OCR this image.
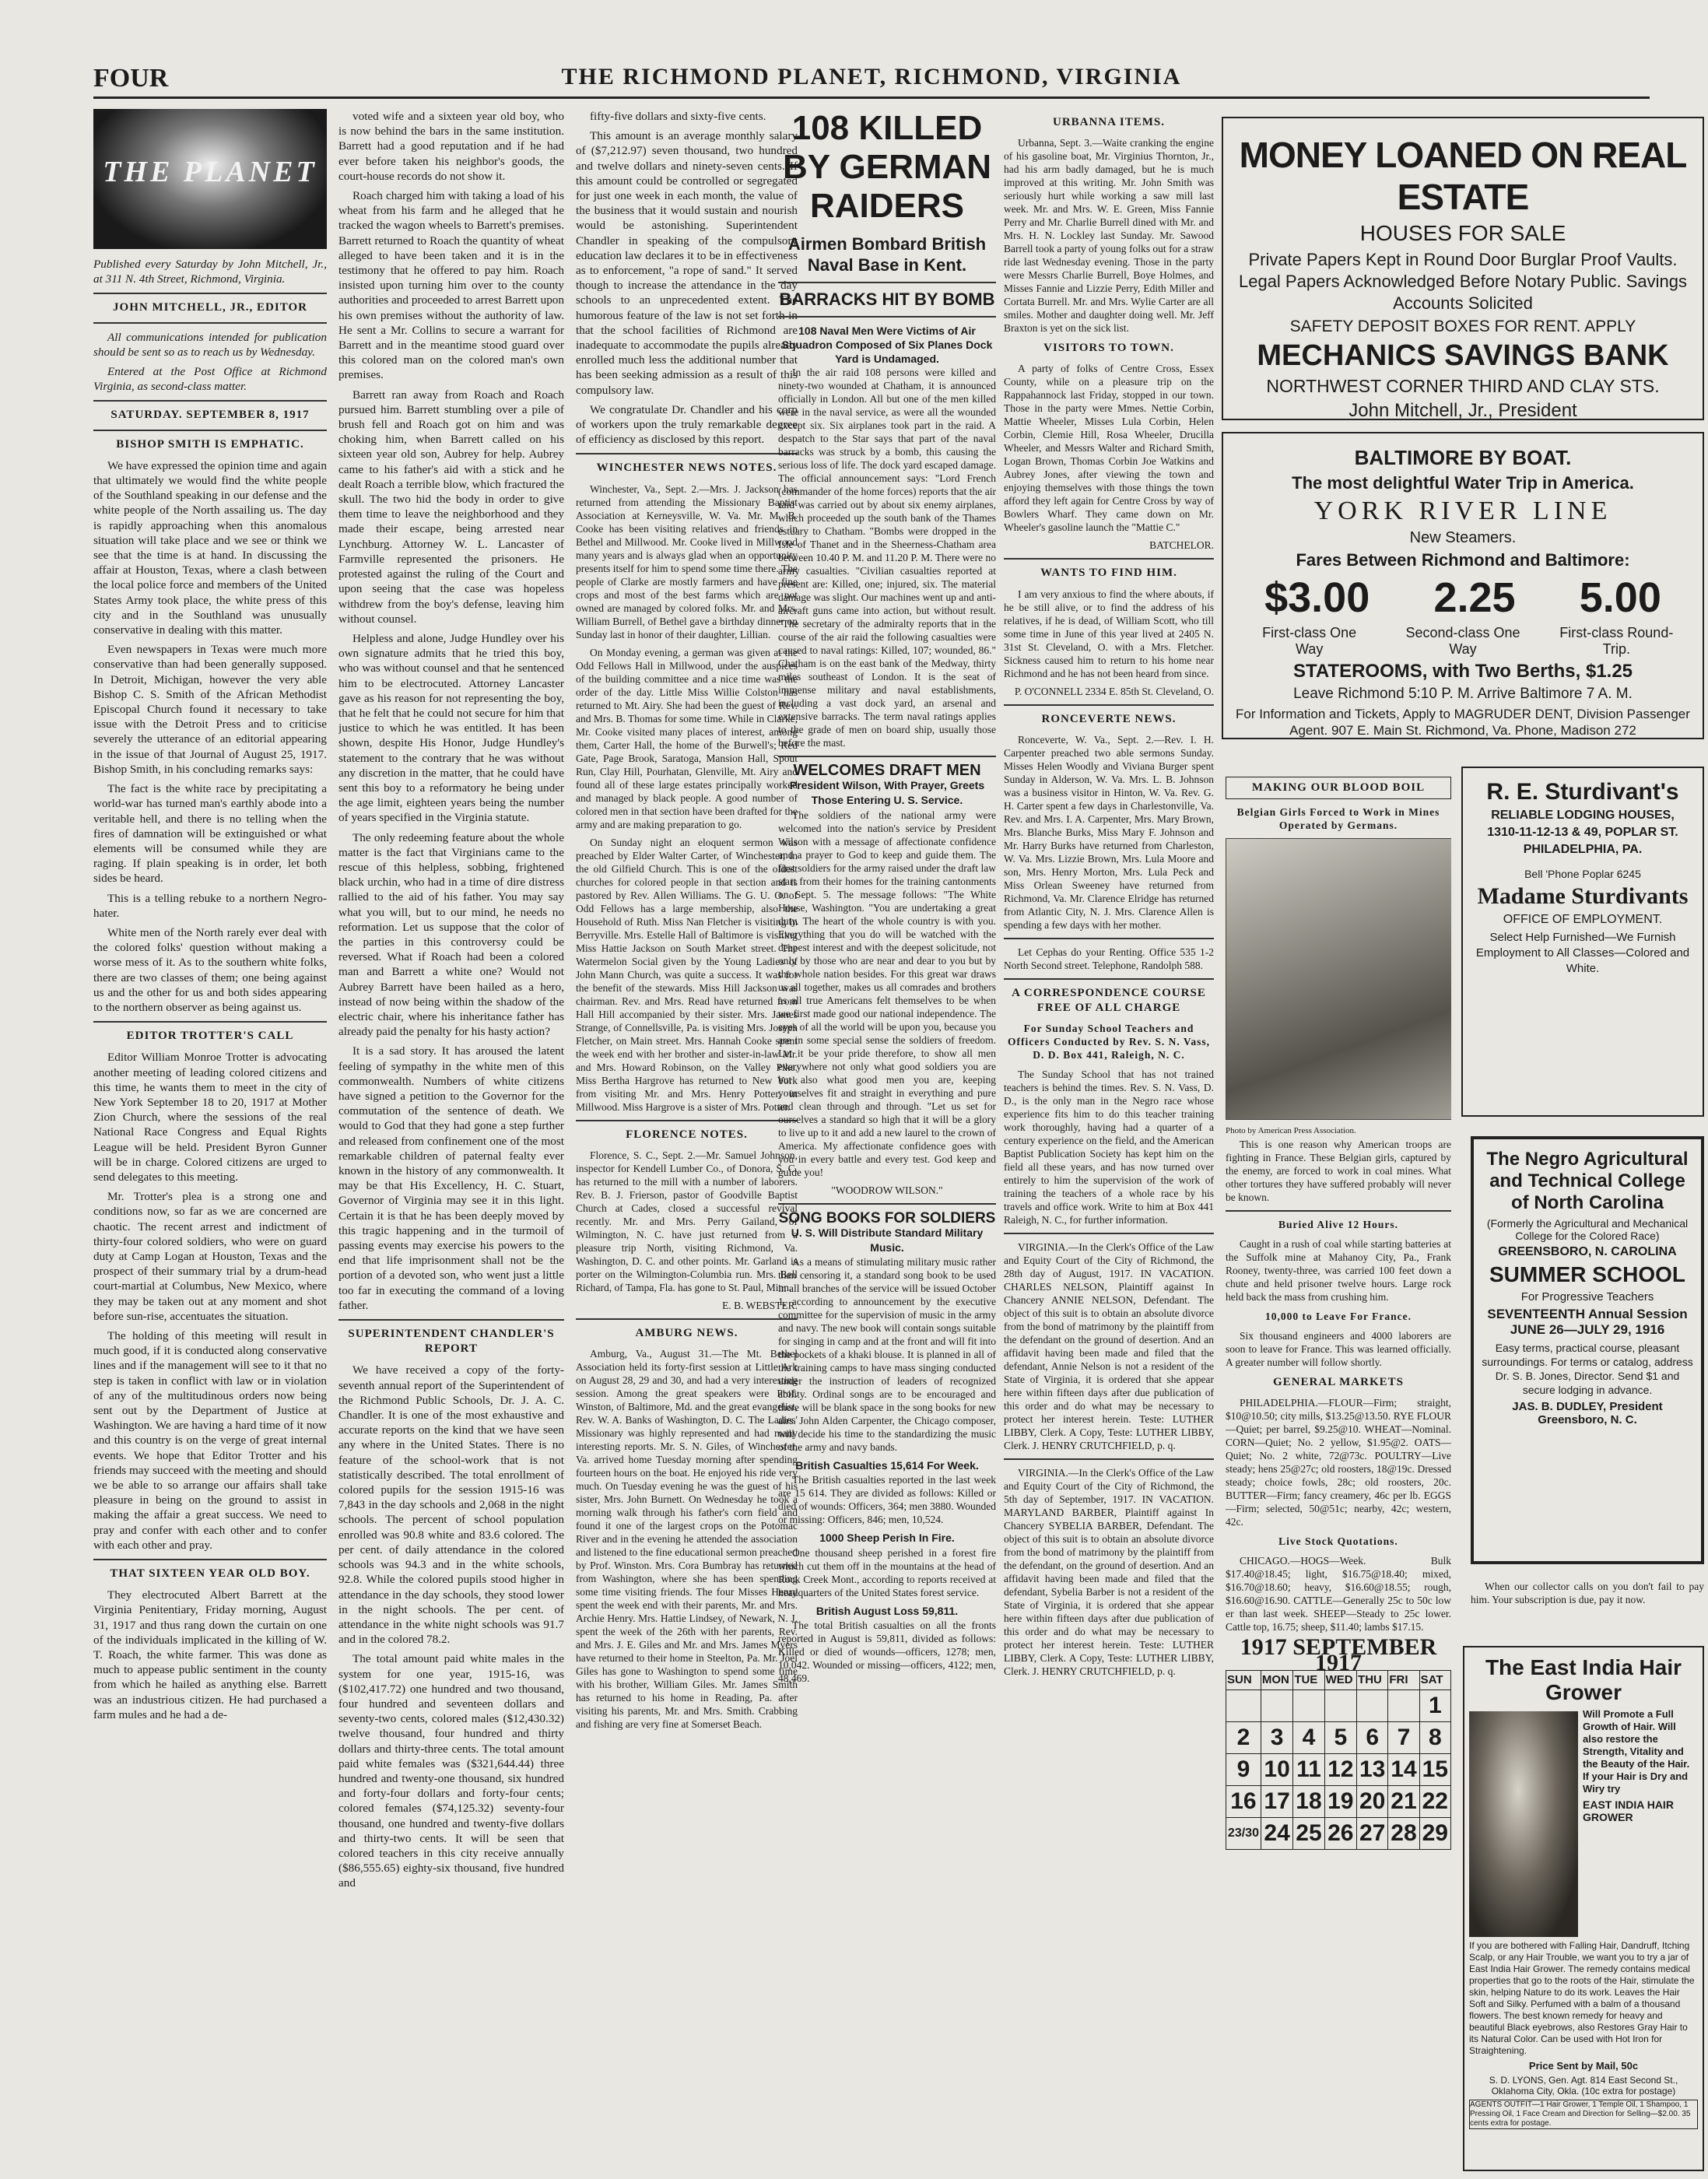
FOUR	THE RICHMOND PLANET, RICHMOND, VIRGINIA
THE PLANET

Published every Saturday by John Mitchell, Jr., at 311 N. 4th Street, Richmond, Virginia.

JOHN MITCHELL, JR., EDITOR

All communications intended for publication should be sent so as to reach us by Wednesday.

Entered at the Post Office at Richmond Virginia, as second-class matter.

SATURDAY. SEPTEMBER 8, 1917
BISHOP SMITH IS EMPHATIC.

We have expressed the opinion time and again that ultimately we would find the white people of the Southland speaking in our defense and the white people of the North assailing us. The day is rapidly approaching when this anomalous situation will take place and we see or think we see that the time is at hand. In discussing the affair at Houston, Texas, where a clash between the local police force and members of the United States Army took place, the white press of this city and in the Southland was unusually conservative in dealing with this matter.

Even newspapers in Texas were much more conservative than had been generally supposed. In Detroit, Michigan, however the very able Bishop C. S. Smith of the African Methodist Episcopal Church found it necessary to take issue with the Detroit Press and to criticise severely the utterance of an editorial appearing in the issue of that Journal of August 25, 1917. Bishop Smith, in his concluding remarks says:

The fact is the white race by precipitating a world-war has turned man's earthly abode into a veritable hell, and there is no telling when the fires of damnation will be extinguished or what elements will be consumed while they are raging. If plain speaking is in order, let both sides be heard.

This is a telling rebuke to a northern Negro-hater.

White men of the North rarely ever deal with the colored folks' question without making a worse mess of it. As to the southern white folks, there are two classes of them; one being against us and the other for us and both sides appearing to the northern observer as being against us.

EDITOR TROTTER'S CALL

Editor William Monroe Trotter is advocating another meeting of leading colored citizens and this time, he wants them to meet in the city of New York September 18 to 20, 1917 at Mother Zion Church, where the sessions of the real National Race Congress and Equal Rights League will be held. President Byron Gunner will be in charge. Colored citizens are urged to send delegates to this meeting.

Mr. Trotter's plea is a strong one and conditions now, so far as we are concerned are chaotic. The recent arrest and indictment of thirty-four colored soldiers, who were on guard duty at Camp Logan at Houston, Texas and the prospect of their summary trial by a drum-head court-martial at Columbus, New Mexico, where they may be taken out at any moment and shot before sun-rise, accentuates the situation.

The holding of this meeting will result in much good, if it is conducted along conservative lines and if the management will see to it that no step is taken in conflict with law or in violation of any of the multitudinous orders now being sent out by the Department of Justice at Washington. We are having a hard time of it now and this country is on the verge of great internal events. We hope that Editor Trotter and his friends may succeed with the meeting and should we be able to so arrange our affairs shall take pleasure in being on the ground to assist in making the affair a great success. We need to pray and confer with each other and to confer with each other and pray.

THAT SIXTEEN YEAR OLD BOY.

They electrocuted Albert Barrett at the Virginia Penitentiary, Friday morning, August 31, 1917 and thus rang down the curtain on one of the individuals implicated in the killing of W. T. Roach, the white farmer. This was done as much to appease public sentiment in the county from which he hailed as anything else. Barrett was an industrious citizen. He had purchased a farm mules and he had a de-

voted wife and a sixteen year old boy, who is now behind the bars in the same institution. Barrett had a good reputation and if he had ever before taken his neighbor's goods, the court-house records do not show it.

Roach charged him with taking a load of his wheat from his farm and he alleged that he tracked the wagon wheels to Barrett's premises. Barrett returned to Roach the quantity of wheat alleged to have been taken and it is in the testimony that he offered to pay him. Roach insisted upon turning him over to the county authorities and proceeded to arrest Barrett upon his own premises without the authority of law. He sent a Mr. Collins to secure a warrant for Barrett and in the meantime stood guard over this colored man on the colored man's own premises.

Barrett ran away from Roach and Roach pursued him. Barrett stumbling over a pile of brush fell and Roach got on him and was choking him, when Barrett called on his sixteen year old son, Aubrey for help. Aubrey came to his father's aid with a stick and he dealt Roach a terrible blow, which fractured the skull. The two hid the body in order to give them time to leave the neighborhood and they made their escape, being arrested near Lynchburg. Attorney W. L. Lancaster of Farmville represented the prisoners. He protested against the ruling of the Court and upon seeing that the case was hopeless withdrew from the boy's defense, leaving him without counsel.

Helpless and alone, Judge Hundley over his own signature admits that he tried this boy, who was without counsel and that he sentenced him to be electrocuted. Attorney Lancaster gave as his reason for not representing the boy, that he felt that he could not secure for him that justice to which he was entitled. It has been shown, despite His Honor, Judge Hundley's statement to the contrary that he was without any discretion in the matter, that he could have sent this boy to a reformatory he being under the age limit, eighteen years being the number of years specified in the Virginia statute.

The only redeeming feature about the whole matter is the fact that Virginians came to the rescue of this helpless, sobbing, frightened black urchin, who had in a time of dire distress rallied to the aid of his father. You may say what you will, but to our mind, he needs no reformation. Let us suppose that the color of the parties in this controversy could be reversed. What if Roach had been a colored man and Barrett a white one? Would not Aubrey Barrett have been hailed as a hero, instead of now being within the shadow of the electric chair, where his inheritance father has already paid the penalty for his hasty action?

It is a sad story. It has aroused the latent feeling of sympathy in the white men of this commonwealth. Numbers of white citizens have signed a petition to the Governor for the commutation of the sentence of death. We would to God that they had gone a step further and released from confinement one of the most remarkable children of paternal fealty ever known in the history of any commonwealth. It may be that His Excellency, H. C. Stuart, Governor of Virginia may see it in this light. Certain it is that he has been deeply moved by this tragic happening and in the turmoil of passing events may exercise his powers to the end that life imprisonment shall not be the portion of a devoted son, who went just a little too far in executing the command of a loving father.

SUPERINTENDENT CHANDLER'S REPORT

We have received a copy of the forty-seventh annual report of the Superintendent of the Richmond Public Schools, Dr. J. A. C. Chandler. It is one of the most exhaustive and accurate reports on the kind that we have seen any where in the United States. There is no feature of the school-work that is not statistically described. The total enrollment of colored pupils for the session 1915-16 was 7,843 in the day schools and 2,068 in the night schools. The percent of school population enrolled was 90.8 white and 83.6 colored. The per cent. of daily attendance in the colored schools was 94.3 and in the white schools, 92.8. While the colored pupils stood higher in attendance in the day schools, they stood lower in the night schools. The per cent. of attendance in the white night schools was 91.7 and in the colored 78.2.

The total amount paid white males in the system for one year, 1915-16, was ($102,417.72) one hundred and two thousand, four hundred and seventeen dollars and seventy-two cents, colored males ($12,430.32) twelve thousand, four hundred and thirty dollars and thirty-three cents. The total amount paid white females was ($321,644.44) three hundred and twenty-one thousand, six hundred and forty-four dollars and forty-four cents; colored females ($74,125.32) seventy-four thousand, one hundred and twenty-five dollars and thirty-two cents. It will be seen that colored teachers in this city receive annually ($86,555.65) eighty-six thousand, five hundred and

fifty-five dollars and sixty-five cents.

This amount is an average monthly salary of ($7,212.97) seven thousand, two hundred and twelve dollars and ninety-seven cents. If this amount could be controlled or segregated for just one week in each month, the value of the business that it would sustain and nourish would be astonishing. Superintendent Chandler in speaking of the compulsory education law declares it to be in effectiveness as to enforcement, "a rope of sand." It served though to increase the attendance in the day schools to an unprecedented extent. The humorous feature of the law is not set forth in that the school facilities of Richmond are inadequate to accommodate the pupils already enrolled much less the additional number that has been seeking admission as a result of this compulsory law.

We congratulate Dr. Chandler and his corp of workers upon the truly remarkable degree of efficiency as disclosed by this report.

WINCHESTER NEWS NOTES.

Winchester, Va., Sept. 2.—Mrs. J. Jackson has returned from attending the Missionary Baptist Association at Kerneysville, W. Va. Mr. M. B. Cooke has been visiting relatives and friends in Bethel and Millwood. Mr. Cooke lived in Millwood many years and is always glad when an opportunity presents itself for him to spend some time there. The people of Clarke are mostly farmers and have fine crops and most of the best farms which are not owned are managed by colored folks. Mr. and Mrs. William Burrell, of Bethel gave a birthday dinner on Sunday last in honor of their daughter, Lillian.

On Monday evening, a german was given at the Odd Fellows Hall in Millwood, under the auspices of the building committee and a nice time was the order of the day. Little Miss Willie Colston has returned to Mt. Airy. She had been the guest of Rev. and Mrs. B. Thomas for some time. While in Clarke, Mr. Cooke visited many places of interest, among them, Carter Hall, the home of the Burwell's; Red Gate, Page Brook, Saratoga, Mansion Hall, Spout Run, Clay Hill, Pourhatan, Glenville, Mt. Airy and found all of these large estates principally worked and managed by black people. A good number of colored men in that section have been drafted for the army and are making preparation to go.

On Sunday night an eloquent sermon was preached by Elder Walter Carter, of Winchester, in the old Gilfield Church. This is one of the oldest churches for colored people in that section and is pastored by Rev. Allen Williams. The G. U. O. of Odd Fellows has a large membership, also the Household of Ruth. Miss Nan Fletcher is visiting in Berryville. Mrs. Estelle Hall of Baltimore is visiting Miss Hattie Jackson on South Market street. The Watermelon Social given by the Young Ladies of John Mann Church, was quite a success. It was for the benefit of the stewards. Miss Hill Jackson was chairman. Rev. and Mrs. Read have returned from Hall Hill accompanied by their sister. Mrs. James Strange, of Connellsville, Pa. is visiting Mrs. Joseph Fletcher, on Main street. Mrs. Hannah Cooke spent the week end with her brother and sister-in-law Mr. and Mrs. Howard Robinson, on the Valley Pike. Miss Bertha Hargrove has returned to New York from visiting Mr. and Mrs. Henry Potter, in Millwood. Miss Hargrove is a sister of Mrs. Potter.

FLORENCE NOTES.

Florence, S. C., Sept. 2.—Mr. Samuel Johnson, inspector for Kendell Lumber Co., of Donora, S. C. has returned to the mill with a number of laborers. Rev. B. J. Frierson, pastor of Goodville Baptist Church at Cades, closed a successful revival recently. Mr. and Mrs. Perry Gailand, of Wilmington, N. C. have just returned from a pleasure trip North, visiting Richmond, Va. Washington, D. C. and other points. Mr. Garland is porter on the Wilmington-Columbia run. Mrs. Bell Richard, of Tampa, Fla. has gone to St. Paul, Minn.

E. B. WEBSTER.
AMBURG NEWS.

Amburg, Va., August 31.—The Mt. Bethel Association held its forty-first session at Little Ark on August 28, 29 and 30, and had a very interesting session. Among the great speakers were Prof. Winston, of Baltimore, Md. and the great evangelist, Rev. W. A. Banks of Washington, D. C. The Ladies' Missionary was highly represented and had many interesting reports. Mr. S. N. Giles, of Winchester, Va. arrived home Tuesday morning after spending fourteen hours on the boat. He enjoyed his ride very much. On Tuesday evening he was the guest of his sister, Mrs. John Burnett. On Wednesday he took a morning walk through his father's corn field and found it one of the largest crops on the Potomac River and in the evening he attended the association and listened to the fine educational sermon preached by Prof. Winston. Mrs. Cora Bumbray has returned from Washington, where she has been spending some time visiting friends. The four Misses Henry spent the week end with their parents, Mr. and Mrs. Archie Henry. Mrs. Hattie Lindsey, of Newark, N. J. spent the week of the 26th with her parents, Rev. and Mrs. J. E. Giles and Mr. and Mrs. James Myers have returned to their home in Steelton, Pa. Mr. Joel Giles has gone to Washington to spend some time with his brother, William Giles. Mr. James Smith has returned to his home in Reading, Pa. after visiting his parents, Mr. and Mrs. Smith. Crabbing and fishing are very fine at Somerset Beach.

108 KILLED BY GERMAN RAIDERS
Airmen Bombard British Naval Base in Kent.
BARRACKS HIT BY BOMB
108 Naval Men Were Victims of Air Squadron Composed of Six Planes Dock Yard is Undamaged.

In the air raid 108 persons were killed and ninety-two wounded at Chatham, it is announced officially in London. All but one of the men killed were in the naval service, as were all the wounded except six. Six airplanes took part in the raid. A despatch to the Star says that part of the naval barracks was struck by a bomb, this causing the serious loss of life. The dock yard escaped damage. The official announcement says: "Lord French (commander of the home forces) reports that the air raid was carried out by about six enemy airplanes, which proceeded up the south bank of the Thames estuary to Chatham. "Bombs were dropped in the Isle of Thanet and in the Sheerness-Chatham area between 10.40 P. M. and 11.20 P. M. There were no army casualties. "Civilian casualties reported at present are: Killed, one; injured, six. The material damage was slight. Our machines went up and anti-aircraft guns came into action, but without result. "The secretary of the admiralty reports that in the course of the air raid the following casualties were caused to naval ratings: Killed, 107; wounded, 86." Chatham is on the east bank of the Medway, thirty miles southeast of London. It is the seat of immense military and naval establishments, including a vast dock yard, an arsenal and extensive barracks. The term naval ratings applies to the grade of men on board ship, usually those before the mast.

WELCOMES DRAFT MEN
President Wilson, With Prayer, Greets Those Entering U. S. Service.

The soldiers of the national army were welcomed into the nation's service by President Wilson with a message of affectionate confidence and a prayer to God to keep and guide them. The first soldiers for the army raised under the draft law start from their homes for the training cantonments on Sept. 5. The message follows: "The White House, Washington. "You are undertaking a great duty. The heart of the whole country is with you. Everything that you do will be watched with the deepest interest and with the deepest solicitude, not only by those who are near and dear to you but by the whole nation besides. For this great war draws us all together, makes us all comrades and brothers as all true Americans felt themselves to be when we first made good our national independence. The eyes of all the world will be upon you, because you are in some special sense the soldiers of freedom. Let it be your pride therefore, to show all men everywhere not only what good soldiers you are but also what good men you are, keeping yourselves fit and straight in everything and pure and clean through and through. "Let us set for ourselves a standard so high that it will be a glory to live up to it and add a new laurel to the crown of America. My affectionate confidence goes with you in every battle and every test. God keep and guide you!

"WOODROW WILSON."
SONG BOOKS FOR SOLDIERS
U. S. Will Distribute Standard Military Music.

As a means of stimulating military music rather than censoring it, a standard song book to be used in all branches of the service will be issued October 1, according to announcement by the executive committee for the supervision of music in the army and navy. The new book will contain songs suitable for singing in camp and at the front and will fit into the pockets of a khaki blouse. It is planned in all of the training camps to have mass singing conducted under the instruction of leaders of recognized ability. Ordinal songs are to be encouraged and there will be blank space in the song books for new airs. John Alden Carpenter, the Chicago composer, will decide his time to the standardizing the music of the army and navy bands.

British Casualties 15,614 For Week.

The British casualties reported in the last week are 15 614. They are divided as follows: Killed or died of wounds: Officers, 364; men 3880. Wounded or missing: Officers, 846; men, 10,524.

1000 Sheep Perish In Fire.

One thousand sheep perished in a forest fire which cut them off in the mountains at the head of Rock Creek Mont., according to reports received at headquarters of the United States forest service.

British August Loss 59,811.

The total British casualties on all the fronts reported in August is 59,811, divided as follows: Killed or died of wounds—officers, 1278; men, 10,042. Wounded or missing—officers, 4122; men, 48,469.

URBANNA ITEMS.

Urbanna, Sept. 3.—Waite cranking the engine of his gasoline boat, Mr. Virginius Thornton, Jr., had his arm badly damaged, but he is much improved at this writing. Mr. John Smith was seriously hurt while working a saw mill last week. Mr. and Mrs. W. E. Green, Miss Fannie Perry and Mr. Charlie Burrell dined with Mr. and Mrs. H. N. Lockley last Sunday. Mr. Sawood Barrell took a party of young folks out for a straw ride last Wednesday evening. Those in the party were Messrs Charlie Burrell, Boye Holmes, and Misses Fannie and Lizzie Perry, Edith Miller and Cortata Burrell. Mr. and Mrs. Wylie Carter are all smiles. Mother and daughter doing well. Mr. Jeff Braxton is yet on the sick list.

VISITORS TO TOWN.

A party of folks of Centre Cross, Essex County, while on a pleasure trip on the Rappahannock last Friday, stopped in our town. Those in the party were Mmes. Nettie Corbin, Mattie Wheeler, Misses Lula Corbin, Helen Corbin, Clemie Hill, Rosa Wheeler, Drucilla Wheeler, and Messrs Walter and Richard Smith, Logan Brown, Thomas Corbin Joe Watkins and Aubrey Jones, after viewing the town and enjoying themselves with those things the town afford they left again for Centre Cross by way of Bowlers Wharf. They came down on Mr. Wheeler's gasoline launch the "Mattie C."

BATCHELOR.
WANTS TO FIND HIM.

I am very anxious to find the where abouts, if he be still alive, or to find the address of his relatives, if he is dead, of William Scott, who till some time in June of this year lived at 2405 N. 31st St. Cleveland, O. with a Mrs. Fletcher. Sickness caused him to return to his home near Richmond and he has not been heard from since.

P. O'CONNELL 2334 E. 85th St. Cleveland, O.
RONCEVERTE NEWS.

Ronceverte, W. Va., Sept. 2.—Rev. I. H. Carpenter preached two able sermons Sunday. Misses Helen Woodly and Viviana Burger spent Sunday in Alderson, W. Va. Mrs. L. B. Johnson was a business visitor in Hinton, W. Va. Rev. G. H. Carter spent a few days in Charlestonville, Va. Rev. and Mrs. I. A. Carpenter, Mrs. Mary Brown, Mrs. Blanche Burks, Miss Mary F. Johnson and Mr. Harry Burks have returned from Charleston, W. Va. Mrs. Lizzie Brown, Mrs. Lula Moore and son, Mrs. Henry Morton, Mrs. Lula Peck and Miss Orlean Sweeney have returned from Richmond, Va. Mr. Clarence Elridge has returned from Atlantic City, N. J. Mrs. Clarence Allen is spending a few days with her mother.

Let Cephas do your Renting. Office 535 1-2 North Second street. Telephone, Randolph 588.

A CORRESPONDENCE COURSE FREE OF ALL CHARGE
For Sunday School Teachers and Officers Conducted by Rev. S. N. Vass, D. D. Box 441, Raleigh, N. C.

The Sunday School that has not trained teachers is behind the times. Rev. S. N. Vass, D. D., is the only man in the Negro race whose experience fits him to do this teacher training work thoroughly, having had a quarter of a century experience on the field, and the American Baptist Publication Society has kept him on the field all these years, and has now turned over entirely to him the supervision of the work of training the teachers of a whole race by his travels and office work. Write to him at Box 441 Raleigh, N. C., for further information.

VIRGINIA.—In the Clerk's Office of the Law and Equity Court of the City of Richmond, the 28th day of August, 1917. IN VACATION. CHARLES NELSON, Plaintiff against In Chancery ANNIE NELSON, Defendant. The object of this suit is to obtain an absolute divorce from the bond of matrimony by the plaintiff from the defendant on the ground of desertion. And an affidavit having been made and filed that the defendant, Annie Nelson is not a resident of the State of Virginia, it is ordered that she appear here within fifteen days after due publication of this order and do what may be necessary to protect her interest herein. Teste: LUTHER LIBBY, Clerk. A Copy, Teste: LUTHER LIBBY, Clerk. J. HENRY CRUTCHFIELD, p. q.

VIRGINIA.—In the Clerk's Office of the Law and Equity Court of the City of Richmond, the 5th day of September, 1917. IN VACATION. MARYLAND BARBER, Plaintiff against In Chancery SYBELIA BARBER, Defendant. The object of this suit is to obtain an absolute divorce from the bond of matrimony by the plaintiff from the defendant, on the ground of desertion. And an affidavit having been made and filed that the defendant, Sybelia Barber is not a resident of the State of Virginia, it is ordered that she appear here within fifteen days after due publication of this order and do what may be necessary to protect her interest herein. Teste: LUTHER LIBBY, Clerk. A Copy, Teste: LUTHER LIBBY, Clerk. J. HENRY CRUTCHFIELD, p. q.

MONEY LOANED ON REAL ESTATE
HOUSES FOR SALE
Private Papers Kept in Round Door Burglar Proof Vaults. Legal Papers Acknowledged Before Notary Public. Savings Accounts Solicited
SAFETY DEPOSIT BOXES FOR RENT. APPLY
MECHANICS SAVINGS BANK
NORTHWEST CORNER THIRD AND CLAY STS.
John Mitchell, Jr., President
BALTIMORE BY BOAT.
The most delightful Water Trip in America.
YORK RIVER LINE
New Steamers.
Fares Between Richmond and Baltimore:
$3.00 2.25 5.00
First-class One Way
Second-class One Way
First-class Round-Trip.
STATEROOMS, with Two Berths, $1.25
Leave Richmond 5:10 P. M. Arrive Baltimore 7 A. M.
For Information and Tickets, Apply to MAGRUDER DENT, Division Passenger Agent. 907 E. Main St. Richmond, Va. Phone, Madison 272
MAKING OUR BLOOD BOIL
Belgian Girls Forced to Work in Mines Operated by Germans.
Photo by American Press Association.

This is one reason why American troops are fighting in France. These Belgian girls, captured by the enemy, are forced to work in coal mines. What other tortures they have suffered probably will never be known.

Buried Alive 12 Hours.

Caught in a rush of coal while starting batteries at the Suffolk mine at Mahanoy City, Pa., Frank Rooney, twenty-three, was carried 100 feet down a chute and held prisoner twelve hours. Large rock held back the mass from crushing him.

10,000 to Leave For France.

Six thousand engineers and 4000 laborers are soon to leave for France. This was learned officially. A greater number will follow shortly.

GENERAL MARKETS

PHILADELPHIA.—FLOUR—Firm; straight, $10@10.50; city mills, $13.25@13.50. RYE FLOUR—Quiet; per barrel, $9.25@10. WHEAT—Nominal. CORN—Quiet; No. 2 yellow, $1.95@2. OATS—Quiet; No. 2 white, 72@73c. POULTRY—Live steady; hens 25@27c; old roosters, 18@19c. Dressed steady; choice fowls, 28c; old roosters, 20c. BUTTER—Firm; fancy creamery, 46c per lb. EGGS—Firm; selected, 50@51c; nearby, 42c; western, 42c.

Live Stock Quotations.

CHICAGO.—HOGS—Week. Bulk $17.40@18.45; light, $16.75@18.40; mixed, $16.70@18.60; heavy, $16.60@18.55; rough, $16.60@16.90. CATTLE—Generally 25c to 50c low er than last week. SHEEP—Steady to 25c lower. Cattle top, 16.75; sheep, $11.40; lambs $17.15.

1917 SEPTEMBER 1917
SUN	MON	TUE	WED	THU	FRI	SAT
						1
2	3	4	5	6	7	8
9	10	11	12	13	14	15
16	17	18	19	20	21	22
23/30	24	25	26	27	28	29
R. E. Sturdivant's
RELIABLE LODGING HOUSES,
1310-11-12-13 & 49, POPLAR ST.
PHILADELPHIA, PA.
Bell 'Phone Poplar 6245
Madame Sturdivants
OFFICE OF EMPLOYMENT.
Select Help Furnished—We Furnish Employment to All Classes—Colored and White.
The Negro Agricultural and Technical College of North Carolina
(Formerly the Agricultural and Mechanical College for the Colored Race)
GREENSBORO, N. CAROLINA
SUMMER SCHOOL
For Progressive Teachers
SEVENTEENTH Annual Session JUNE 26—JULY 29, 1916
Easy terms, practical course, pleasant surroundings. For terms or catalog, address Dr. S. B. Jones, Director. Send $1 and secure lodging in advance.
JAS. B. DUDLEY, President Greensboro, N. C.

When our collector calls on you don't fail to pay him. Your subscription is due, pay it now.

The East India Hair Grower
Will Promote a Full Growth of Hair. Will also restore the Strength, Vitality and the Beauty of the Hair. If your Hair is Dry and Wiry try
EAST INDIA HAIR GROWER
If you are bothered with Falling Hair, Dandruff, Itching Scalp, or any Hair Trouble, we want you to try a jar of East India Hair Grower. The remedy contains medical properties that go to the roots of the Hair, stimulate the skin, helping Nature to do its work. Leaves the Hair Soft and Silky. Perfumed with a balm of a thousand flowers. The best known remedy for heavy and beautiful Black eyebrows, also Restores Gray Hair to its Natural Color. Can be used with Hot Iron for Straightening.
Price Sent by Mail, 50c
S. D. LYONS, Gen. Agt. 814 East Second St., Oklahoma City, Okla. (10c extra for postage)
AGENTS OUTFIT—1 Hair Grower, 1 Temple Oil, 1 Shampoo, 1 Pressing Oil, 1 Face Cream and Direction for Selling—$2.00. 35 cents extra for postage.
